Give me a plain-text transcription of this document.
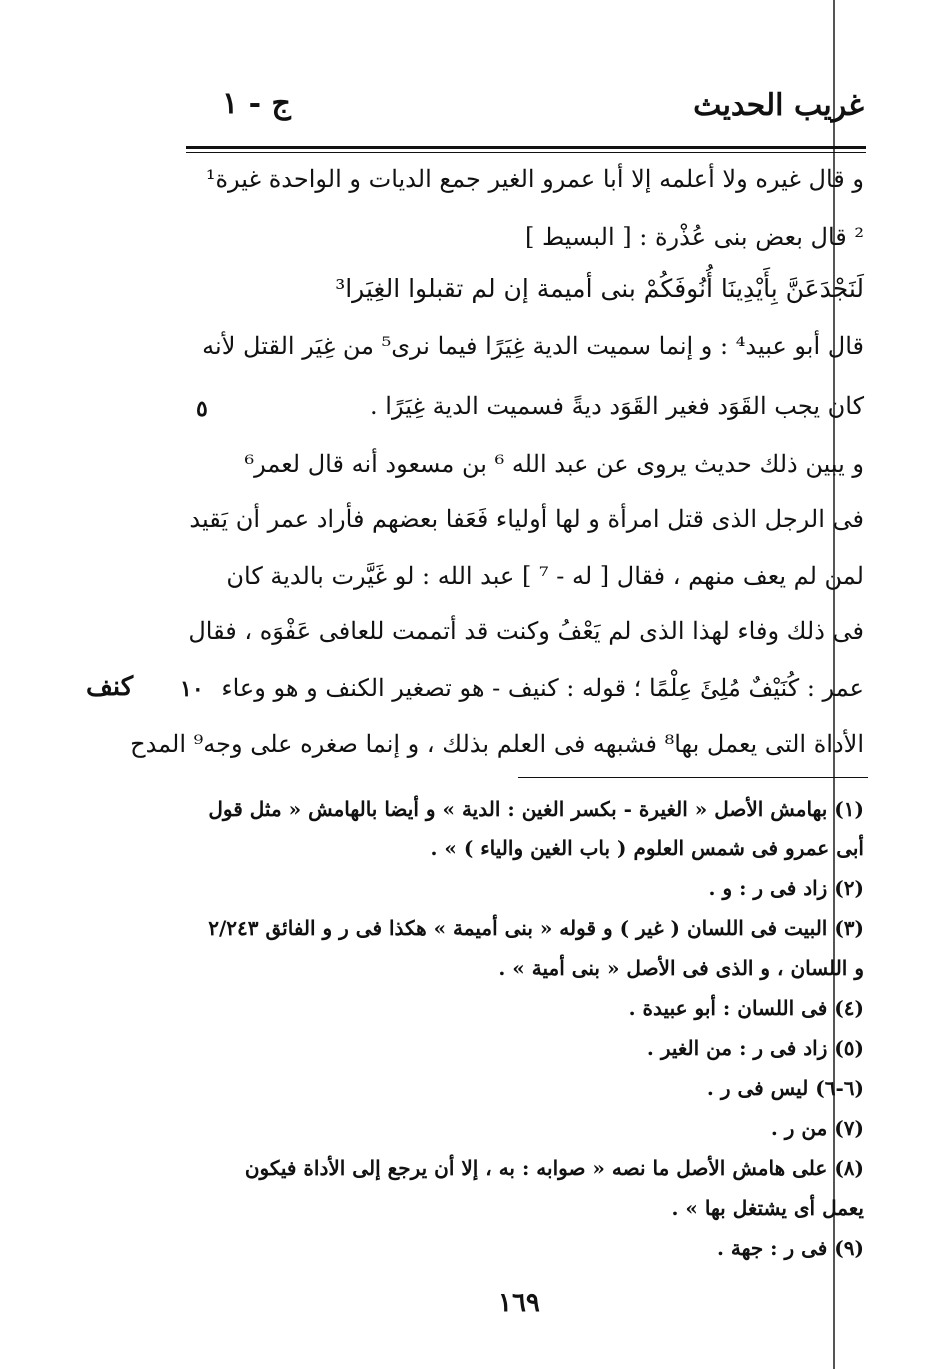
غريب الحديث
ج - ١
و قال غيره ولا أعلمه إلا أبا عمرو الغير جمع الديات و الواحدة غيرة¹
² قال بعض بنى عُذْرة : [ البسيط ]
لَنَجْدَعَنَّ بِأَيْدِينَا أُنُوفَكُمْ بنى أميمة إن لم تقبلوا الغِيَرا³
قال أبو عبيد⁴ : و إنما سميت الدية غِيَرًا فيما نرى⁵ من غِيَر القتل لأنه
كان يجب القَوَد فغير القَوَد ديةً فسميت الدية غِيَرًا .
و يبين ذلك حديث يروى عن عبد الله ⁶ بن مسعود أنه قال لعمر⁶
فى الرجل الذى قتل امرأة و لها أولياء فَعَفا بعضهم فأراد عمر أن يَقيد
لمن لم يعف منهم ، فقال [ له - ⁷ ] عبد الله : لو غَيَّرت بالدية كان
فى ذلك وفاء لهذا الذى لم يَعْفُ وكنت قد أتممت للعافى عَفْوَه ، فقال
عمر : كُنَيْفٌ مُلِئَ عِلْمًا ؛ قوله : كنيف - هو تصغير الكنف و هو وعاء
الأداة التى يعمل بها⁸ فشبهه فى العلم بذلك ، و إنما صغره على وجه⁹ المدح
٥
١٠
كنف
(١) بهامش الأصل « الغيرة - بكسر الغين : الدية » و أيضا بالهامش « مثل قول
أبى عمرو فى شمس العلوم ( باب الغين والياء ) » .
(٢) زاد فى ر : و .
(٣) البيت فى اللسان ( غير ) و قوله « بنى أميمة » هكذا فى ر و الفائق ٢/٢٤٣
و اللسان ، و الذى فى الأصل « بنى أمية » .
(٤) فى اللسان : أبو عبيدة .
(٥) زاد فى ر : من الغير .
(٦-٦) ليس فى ر .
(٧) من ر .
(٨) على هامش الأصل ما نصه « صوابه : به ، إلا أن يرجع إلى الأداة فيكون
يعمل أى يشتغل بها » .
(٩) فى ر : جهة .
١٦٩
